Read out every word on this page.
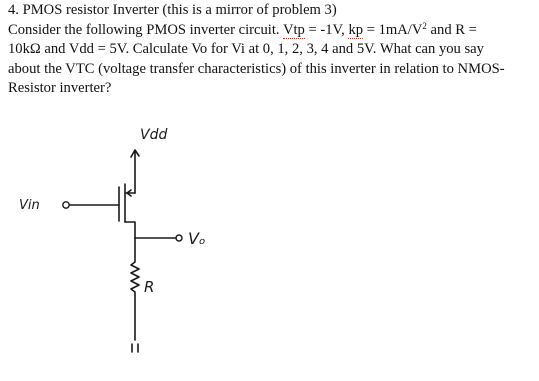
4. PMOS resistor Inverter (this is a mirror of problem 3)
Consider the following PMOS inverter circuit. Vtp = -1V, kp = $1mA/V^2$ and R =
10kΩ and Vdd = 5V. Calculate Vo for Vi at 0, 1, 2, 3, 4 and 5V. What can you say
about the VTC (voltage transfer characteristics) of this inverter in relation to NMOS-
Resistor inverter?
Vdd
Vin
Vₒ
R
